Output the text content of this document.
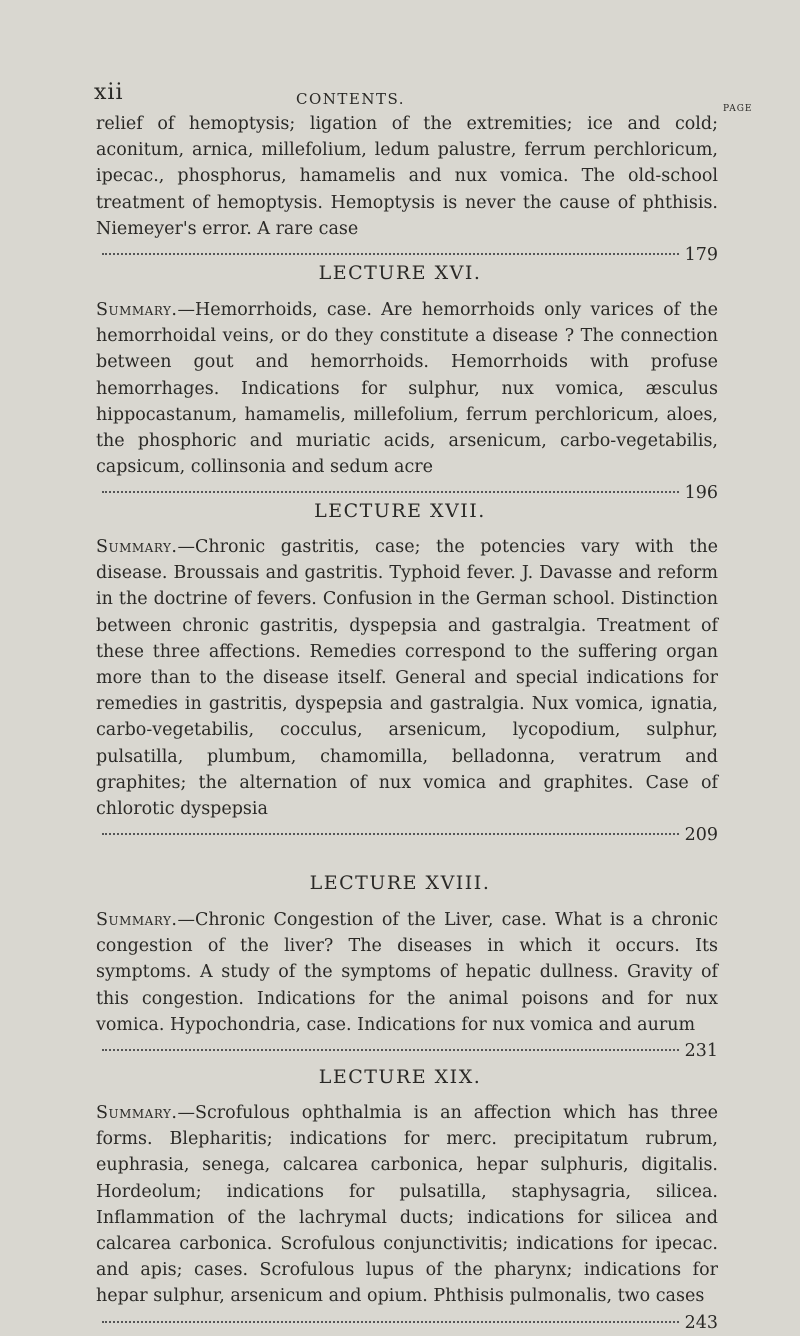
xii	CONTENTS.
PAGE
relief of hemoptysis; ligation of the extremities; ice and cold; aconitum, arnica, millefolium, ledum palustre, ferrum perchloricum, ipecac., phosphorus, hamamelis and nux vomica. The old-school treatment of hemoptysis. Hemoptysis is never the cause of phthisis. Niemeyer's error. A rare case
179
LECTURE XVI.
Summary.—Hemorrhoids, case. Are hemorrhoids only varices of the hemorrhoidal veins, or do they constitute a disease ? The connection between gout and hemorrhoids. Hemorrhoids with profuse hemorrhages. Indications for sulphur, nux vomica, æsculus hippocastanum, hamamelis, millefolium, ferrum perchloricum, aloes, the phosphoric and muriatic acids, arsenicum, carbo-vegetabilis, capsicum, collinsonia and sedum acre
196
LECTURE XVII.
Summary.—Chronic gastritis, case; the potencies vary with the disease. Broussais and gastritis. Typhoid fever. J. Davasse and reform in the doctrine of fevers. Confusion in the German school. Distinction between chronic gastritis, dyspepsia and gastralgia. Treatment of these three affections. Remedies correspond to the suffering organ more than to the disease itself. General and special indications for remedies in gastritis, dyspepsia and gastralgia. Nux vomica, ignatia, carbo-vegetabilis, cocculus, arsenicum, lycopodium, sulphur, pulsatilla, plumbum, chamomilla, belladonna, veratrum and graphites; the alternation of nux vomica and graphites. Case of chlorotic dyspepsia
209
LECTURE XVIII.
Summary.—Chronic Congestion of the Liver, case. What is a chronic congestion of the liver? The diseases in which it occurs. Its symptoms. A study of the symptoms of hepatic dullness. Gravity of this congestion. Indications for the animal poisons and for nux vomica. Hypochondria, case. Indications for nux vomica and aurum
231
LECTURE XIX.
Summary.—Scrofulous ophthalmia is an affection which has three forms. Blepharitis; indications for merc. precipitatum rubrum, euphrasia, senega, calcarea carbonica, hepar sulphuris, digitalis. Hordeolum; indications for pulsatilla, staphysagria, silicea. Inflammation of the lachrymal ducts; indications for silicea and calcarea carbonica. Scrofulous conjunctivitis; indications for ipecac. and apis; cases. Scrofulous lupus of the pharynx; indications for hepar sulphur, arsenicum and opium. Phthisis pulmonalis, two cases
243
